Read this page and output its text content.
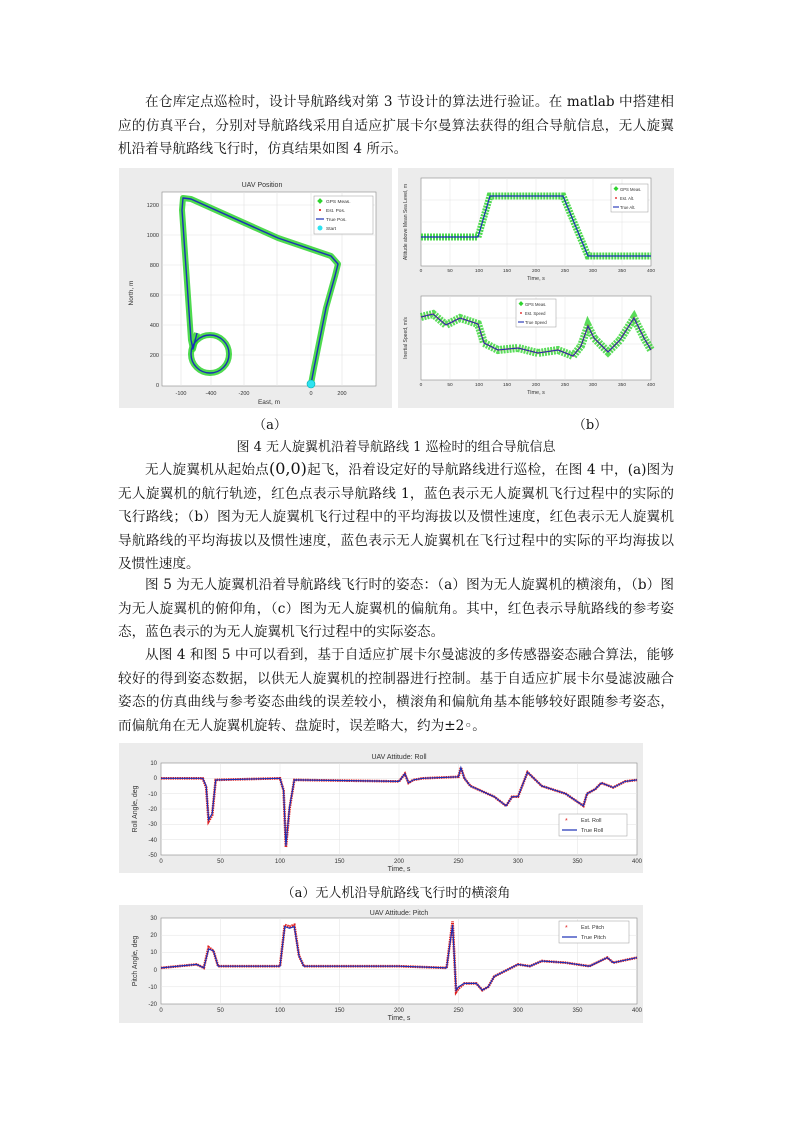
在仓库定点巡检时，设计导航路线对第 3 节设计的算法进行验证。在 matlab 中搭建相应的仿真平台，分别对导航路线采用自适应扩展卡尔曼算法获得的组合导航信息，无人旋翼机沿着导航路线飞行时，仿真结果如图 4 所示。

UAV Position
0
200
400
600
800
1000
1200
-100	-400	-200	0	200
East, m
North, m
GPS Meas.
Est. Pos.
True Pos.
Start
0	50	100	150	200	250	300	350	400
Time, s
Altitude above Mean Sea Level, m	GPS Meas.
Est. Alt.
True Alt.
0	50	100	150	200	250	300	350	400
Time, s
Inertial Speed, m/s
GPS Meas.
Est. Speed
True Speed
（a）	（b）
图 4 无人旋翼机沿着导航路线 1 巡检时的组合导航信息

无人旋翼机从起始点(0,0)起飞，沿着设定好的导航路线进行巡检，在图 4 中，(a)图为无人旋翼机的航行轨迹，红色点表示导航路线 1，蓝色表示无人旋翼机飞行过程中的实际的飞行路线；（b）图为无人旋翼机飞行过程中的平均海拔以及惯性速度，红色表示无人旋翼机导航路线的平均海拔以及惯性速度，蓝色表示无人旋翼机在飞行过程中的实际的平均海拔以及惯性速度。

图 5 为无人旋翼机沿着导航路线飞行时的姿态：（a）图为无人旋翼机的横滚角，（b）图为无人旋翼机的俯仰角，（c）图为无人旋翼机的偏航角。其中，红色表示导航路线的参考姿态，蓝色表示的为无人旋翼机飞行过程中的实际姿态。

从图 4 和图 5 中可以看到，基于自适应扩展卡尔曼滤波的多传感器姿态融合算法，能够较好的得到姿态数据，以供无人旋翼机的控制器进行控制。基于自适应扩展卡尔曼滤波融合姿态的仿真曲线与参考姿态曲线的误差较小，横滚角和偏航角基本能够较好跟随参考姿态，而偏航角在无人旋翼机旋转、盘旋时，误差略大，约为±2◦。

UAV Attitude: Roll
10
0
-10
-20
-30
-40
-50
0	50	100	150	200	250	300	350	400
Time, s
Roll Angle, deg	* Est. Roll
True Roll
（a）无人机沿导航路线飞行时的横滚角
UAV Attitude: Pitch
30
20
10
0
-10
-20
0	50	100	150	200	250	300	350	400
Time, s
Pitch Angle, deg
* Est. Pitch
True Pitch
